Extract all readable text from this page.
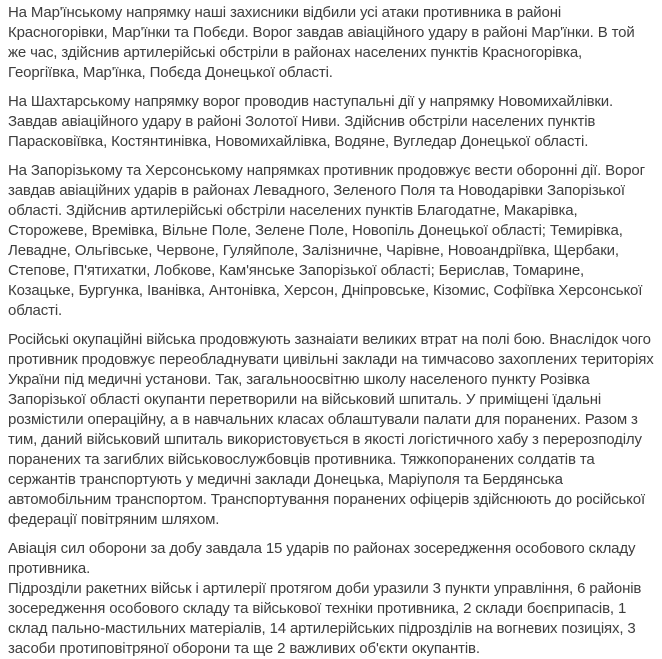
На Мар'їнському напрямку наші захисники відбили усі атаки противника в районі Красногорівки, Мар'їнки та Побєди. Ворог завдав авіаційного удару в районі Мар'їнки. В той же час, здійснив артилерійські обстріли в районах населених пунктів Красногорівка, Георгіївка, Мар'їнка, Побєда Донецької області.

На Шахтарському напрямку ворог проводив наступальні дії у напрямку Новомихайлівки. Завдав авіаційного удару в районі Золотої Ниви. Здійснив обстріли населених пунктів Парасковіївка, Костянтинівка, Новомихайлівка, Водяне, Вугледар Донецької області.

На Запорізькому та Херсонському напрямках противник продовжує вести оборонні дії. Ворог завдав авіаційних ударів в районах Левадного, Зеленого Поля та Новодарівки Запорізької області. Здійснив артилерійські обстріли населених пунктів Благодатне, Макарівка, Сторожеве, Времівка, Вільне Поле, Зелене Поле, Новопіль Донецької області; Темирівка, Левадне, Ольгівське, Червоне, Гуляйполе, Залізничне, Чарівне, Новоандріївка, Щербаки, Степове, П'ятихатки, Лобкове, Кам'янське Запорізької області; Берислав, Томарине, Козацьке, Бургунка, Іванівка, Антонівка, Херсон, Дніпровське, Кізомис, Софіївка Херсонської області.

Російські окупаційні війська продовжують зазнаіати великих втрат на полі бою. Внаслідок чого противник продовжує переобладнувати цивільні заклади на тимчасово захоплених територіях України під медичні установи. Так, загальноосвітню школу населеного пункту Розівка Запорізької області окупанти перетворили на військовий шпиталь. У приміщені їдальні розмістили операційну, а в навчальних класах облаштували палати для поранених. Разом з тим, даний військовий шпиталь використовується в якості логістичного хабу з перерозподілу поранених та загиблих військовослужбовців противника. Тяжкопоранених солдатів та сержантів транспортують у медичні заклади Донецька, Маріуполя та Бердянська автомобільним транспортом. Транспортування поранених офіцерів здійснюють до російської федерації повітряним шляхом.

Авіація сил оборони за добу завдала 15 ударів по районах зосередження особового складу противника.

Підрозділи ракетних військ і артилерії протягом доби уразили 3 пункти управління, 6 районів зосередження особового складу та військової техніки противника, 2 склади боєприпасів, 1 склад пально-мастильних матеріалів, 14 артилерійських підрозділів на вогневих позиціях, 3 засоби протиповітряної оборони та ще 2 важливих об'єкти окупантів.
